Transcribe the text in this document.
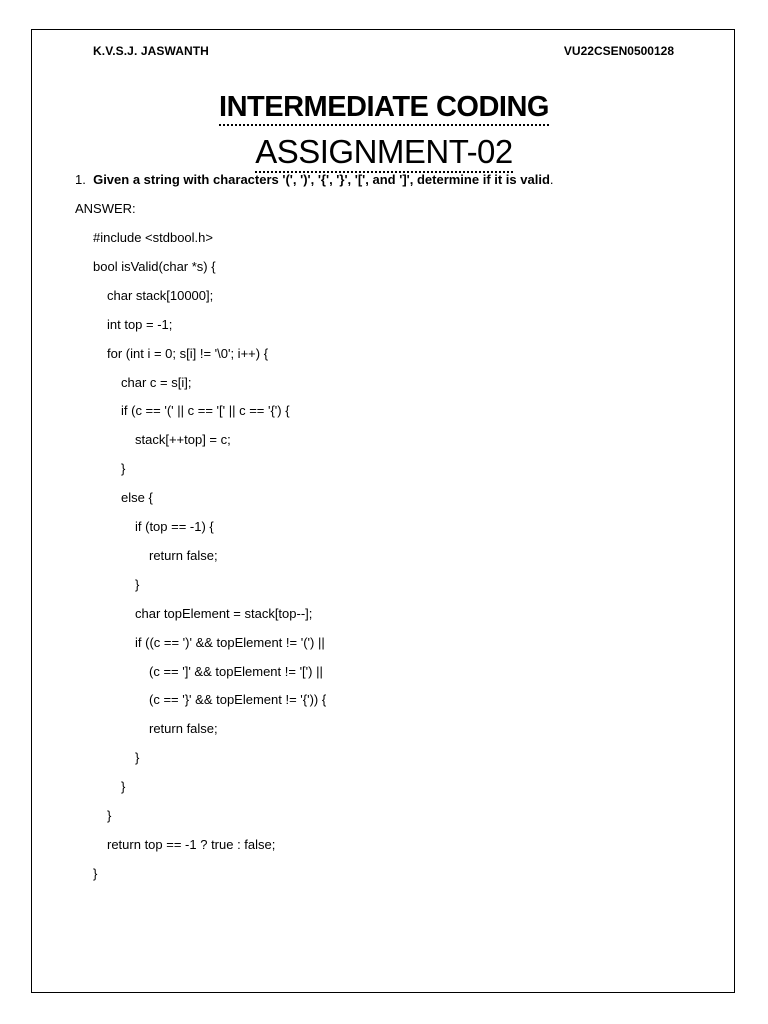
K.V.S.J. JASWANTH	VU22CSEN0500128
INTERMEDIATE CODING
ASSIGNMENT-02
1. Given a string with characters '(', ')', '{', '}', '[', and ']', determine if it is valid.
ANSWER:
#include <stdbool.h>
bool isValid(char *s) {
char stack[10000];
int top = -1;
for (int i = 0; s[i] != '\0'; i++) {
char c = s[i];
if (c == '(' || c == '[' || c == '{') {
stack[++top] = c;
}
else {
if (top == -1) {
return false;
}
char topElement = stack[top--];
if ((c == ')' && topElement != '(') ||
(c == ']' && topElement != '[') ||
(c == '}' && topElement != '{')) {
return false;
}
}
}
return top == -1 ? true : false;
}
